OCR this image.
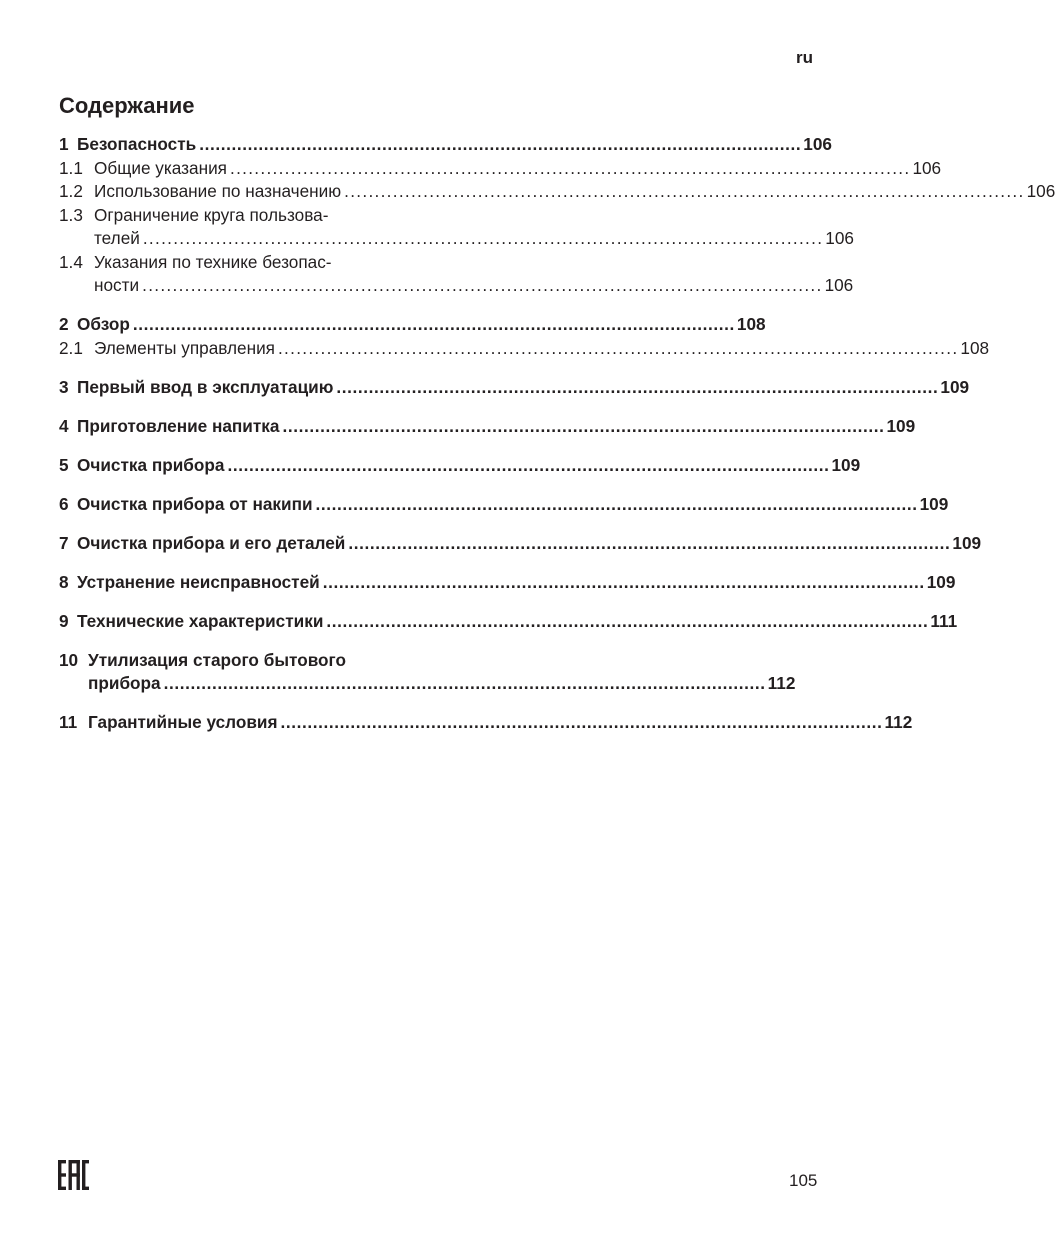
ru
Содержание
1 Безопасность .....	106
1.1 Общие указания .....	106
1.2 Использование по назначению .....	106
1.3 Ограничение круга пользова-
телей .....	106
1.4 Указания по технике безопас-
ности .....	106
2 Обзор .....	108
2.1 Элементы управления .....	108
3 Первый ввод в эксплуатацию .....	109
4 Приготовление напитка .....	109
5 Очистка прибора .....	109
6 Очистка прибора от накипи .....	109
7 Очистка прибора и его деталей .....	109
8 Устранение неисправностей .....	109
9 Технические характеристики .....	111
10 Утилизация старого бытового
прибора .....	112
11 Гарантийные условия .....	112
105
